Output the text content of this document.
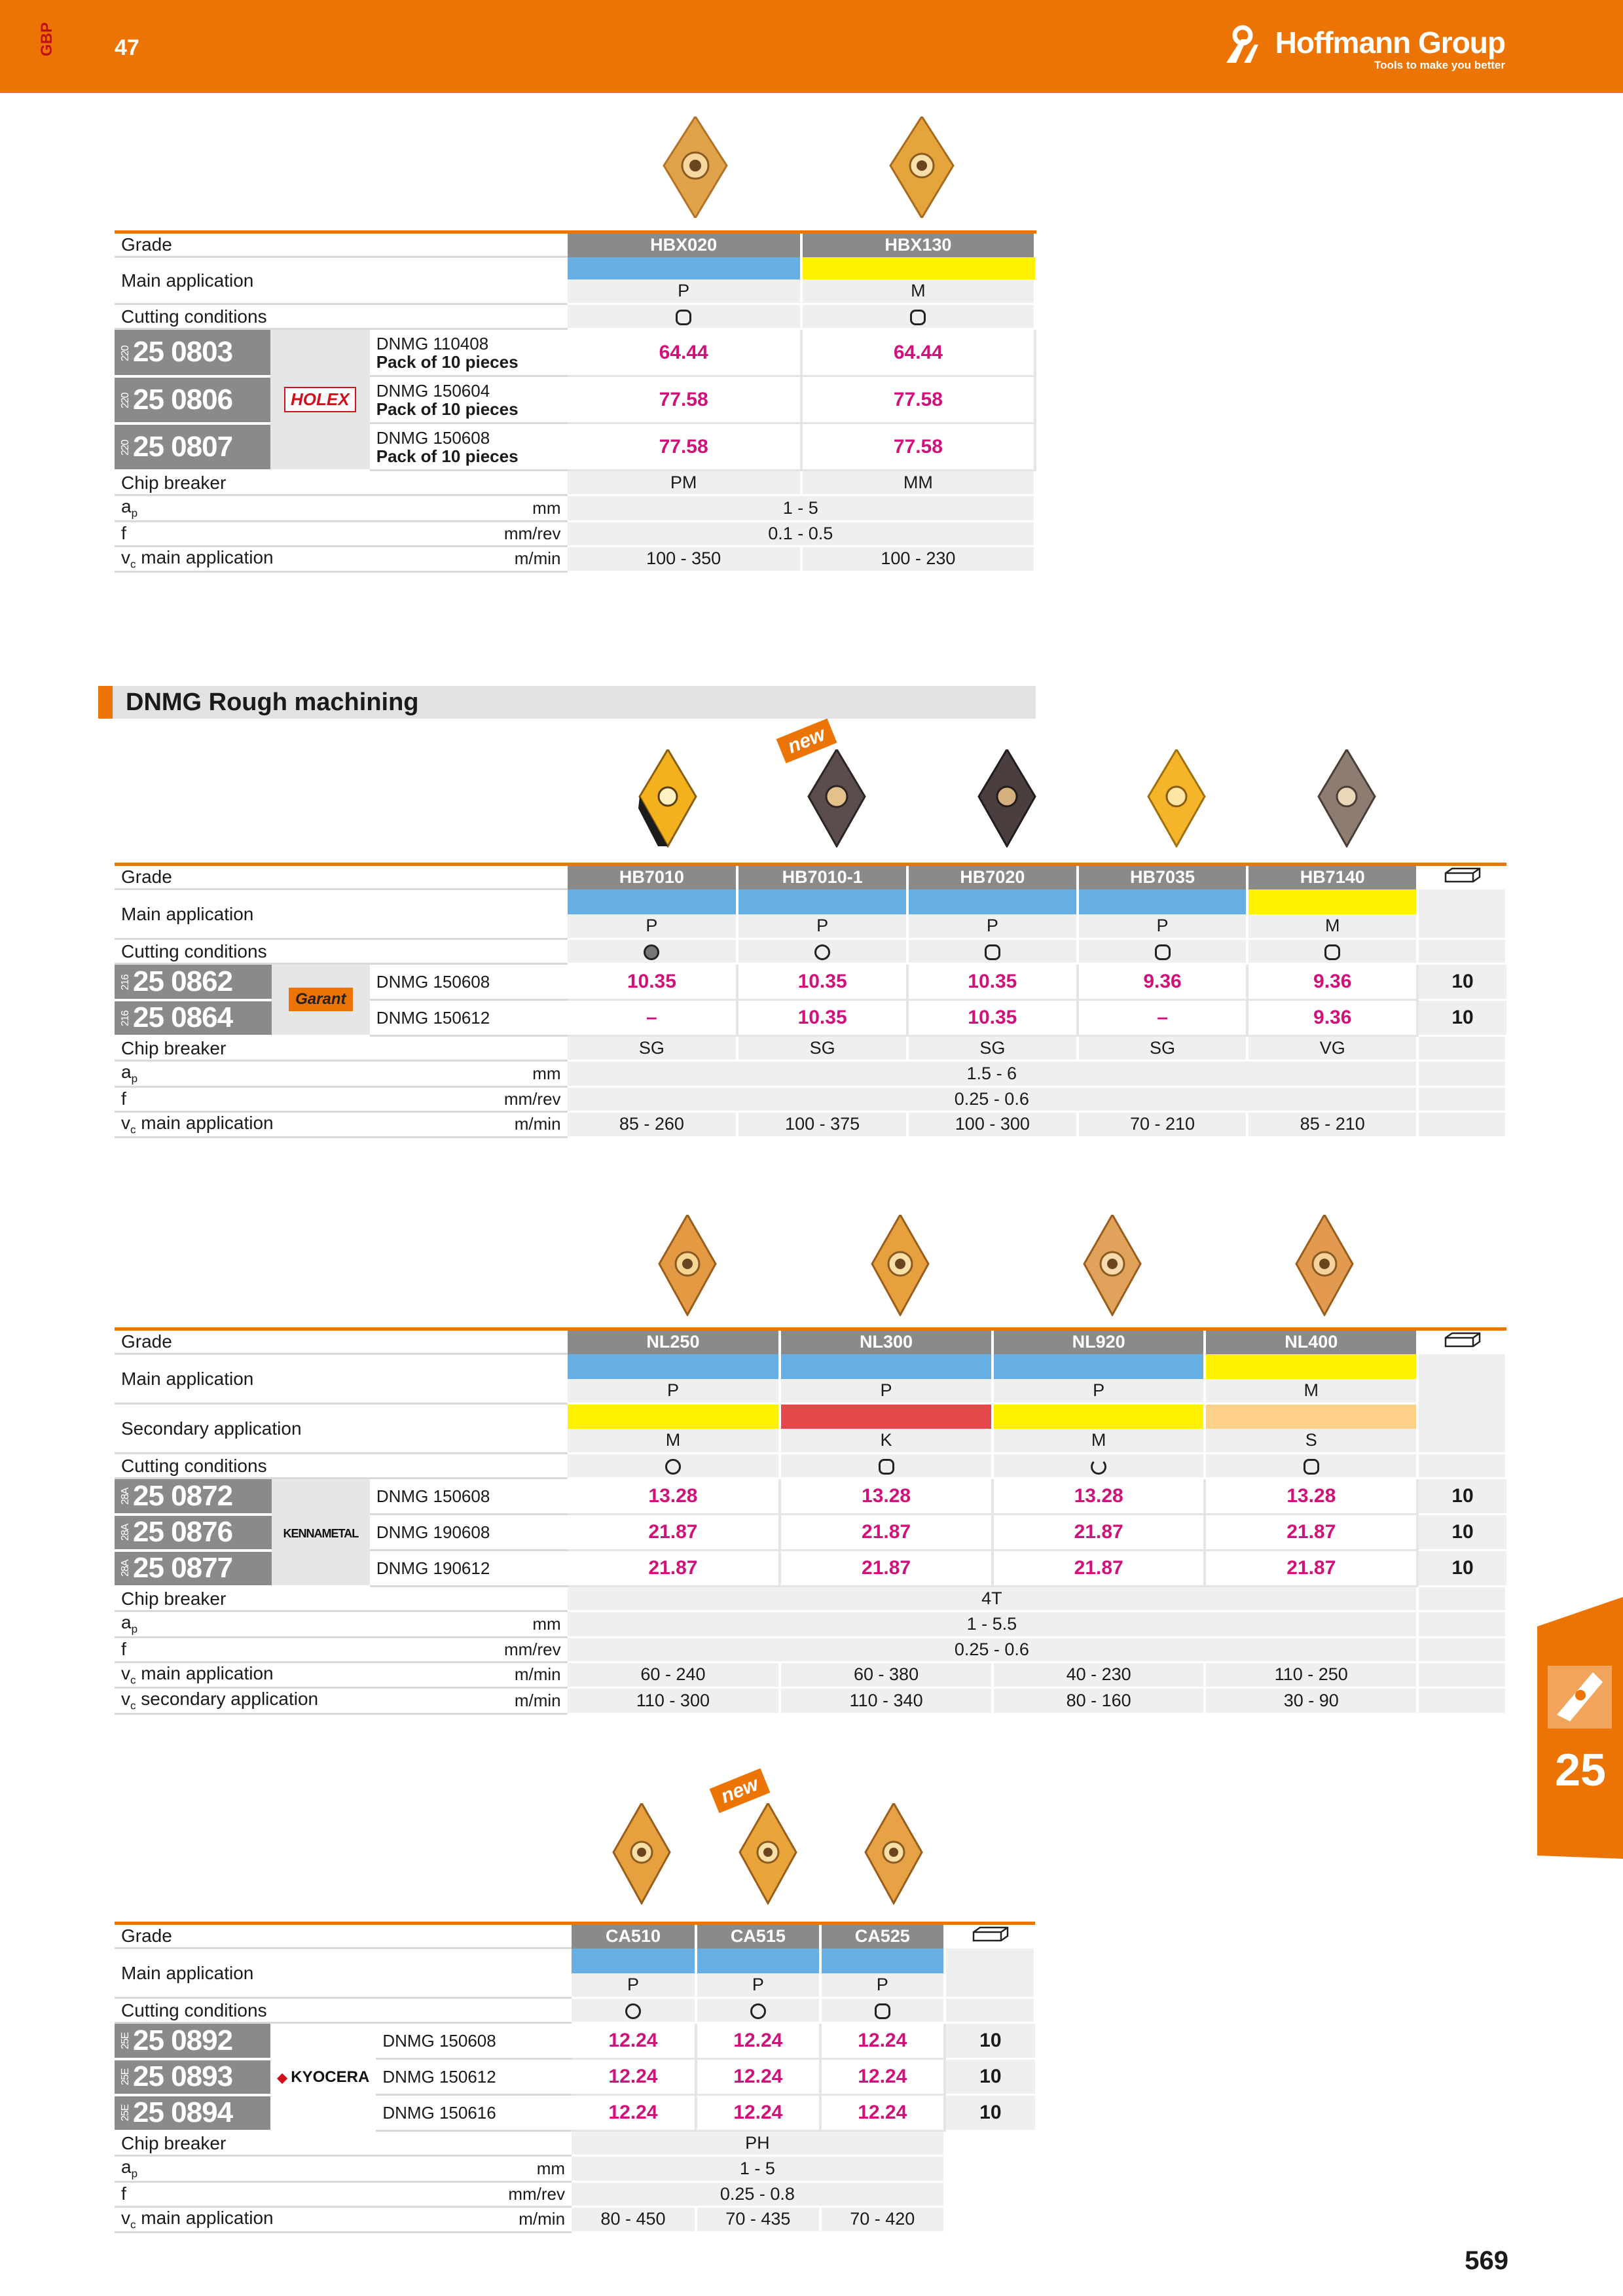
GBP	47	Hoffmann Group
Tools to make you better
25
Grade			HBX020	HBX130
Main application				
			P	M
Cutting conditions				
22025 0803	HOLEX	DNMG 110408
Pack of 10 pieces	64.44	64.44
22025 0806		DNMG 150604
Pack of 10 pieces	77.58	77.58
22025 0807		DNMG 150608
Pack of 10 pieces	77.58	77.58
Chip breaker			PM	MM
$a_p$		mm	1 - 5	
f		mm/rev	0.1 - 0.5	
$v_c$ main application		m/min	100 - 350	100 - 230
DNMG Rough machining
new
Grade			HB7010	HB7010-1	HB7020	HB7035	HB7140	
Main application								
			P	P	P	P	M	
Cutting conditions								
21625 0862	Garant	DNMG 150608	10.35	10.35	10.35	9.36	9.36	10
21625 0864		DNMG 150612	–	10.35	10.35	–	9.36	10
Chip breaker			SG	SG	SG	SG	VG	
$a_p$		mm	1.5 - 6					
f		mm/rev	0.25 - 0.6					
$v_c$ main application		m/min	85 - 260	100 - 375	100 - 300	70 - 210	85 - 210	
Grade			NL250	NL300	NL920	NL400	
Main application							
			P	P	P	M	
Secondary application							
			M	K	M	S	
Cutting conditions							
28A25 0872	KENNAMETAL	DNMG 150608	13.28	13.28	13.28	13.28	10
28A25 0876		DNMG 190608	21.87	21.87	21.87	21.87	10
28A25 0877		DNMG 190612	21.87	21.87	21.87	21.87	10
Chip breaker			4T				
$a_p$		mm	1 - 5.5				
f		mm/rev	0.25 - 0.6				
$v_c$ main application		m/min	60 - 240	60 - 380	40 - 230	110 - 250	
$v_c$ secondary application		m/min	110 - 300	110 - 340	80 - 160	30 - 90	
new
Grade			CA510	CA515	CA525	
Main application						
			P	P	P	
Cutting conditions						
25E25 0892	◆ KYOCERA	DNMG 150608	12.24	12.24	12.24	10
25E25 0893		DNMG 150612	12.24	12.24	12.24	10
25E25 0894		DNMG 150616	12.24	12.24	12.24	10
Chip breaker			PH			
$a_p$		mm	1 - 5			
f		mm/rev	0.25 - 0.8			
$v_c$ main application		m/min	80 - 450	70 - 435	70 - 420	
569
